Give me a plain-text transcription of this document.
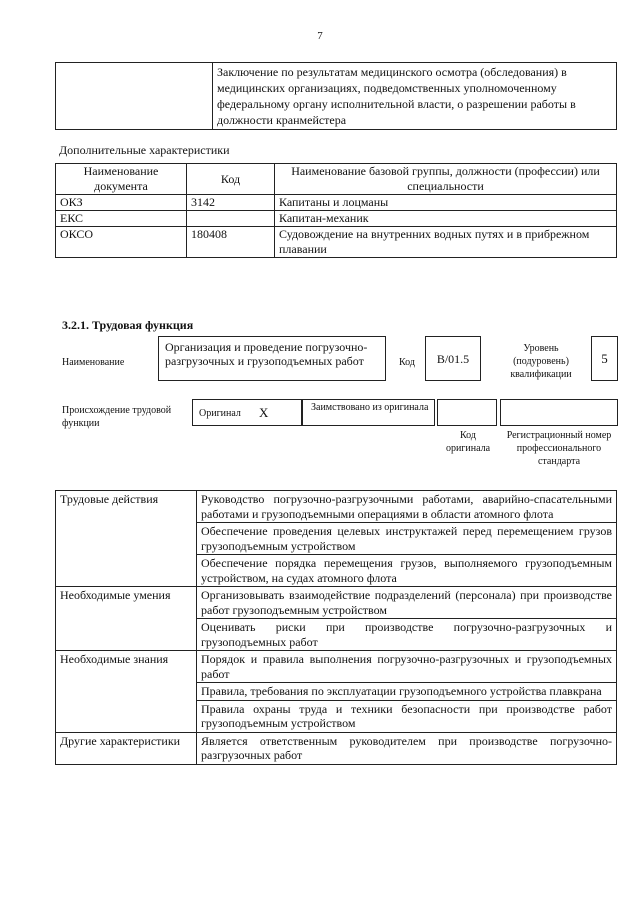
7
	Заключение по результатам медицинского осмотра (обследования) в медицинских организациях, подведомственных уполномоченному федеральному органу исполнительной власти, о разрешении работы в должности кранмейстера
Дополнительные характеристики
Наименование документа	Код	Наименование базовой группы, должности (профессии) или специальности
ОКЗ	3142	Капитаны и лоцманы
ЕКС		Капитан-механик
ОКСО	180408	Судовождение на внутренних водных путях и в прибрежном плавании
3.2.1. Трудовая функция
Наименование
Организация и проведение погрузочно-разгрузочных и грузоподъемных работ	Код	B/01.5
Уровень (подуровень) квалификации
5
Происхождение трудовой функции
Оригинал X	Заимствовано из оригинала
Код оригинала
Регистрационный номер профессионального стандарта
Трудовые действия	Руководство погрузочно-разгрузочными работами, аварийно-спасательными работами и грузоподъемными операциями в области атомного флота
	Обеспечение проведения целевых инструктажей перед перемещением грузов грузоподъемным устройством
	Обеспечение порядка перемещения грузов, выполняемого грузоподъемным устройством, на судах атомного флота
Необходимые умения	Организовывать взаимодействие подразделений (персонала) при производстве работ грузоподъемным устройством
	Оценивать риски при производстве погрузочно-разгрузочных и грузоподъемных работ
Необходимые знания	Порядок и правила выполнения погрузочно-разгрузочных и грузоподъемных работ
	Правила, требования по эксплуатации грузоподъемного устройства плавкрана
	Правила охраны труда и техники безопасности при производстве работ грузоподъемным устройством
Другие характеристики	Является ответственным руководителем при производстве погрузочно-разгрузочных работ
